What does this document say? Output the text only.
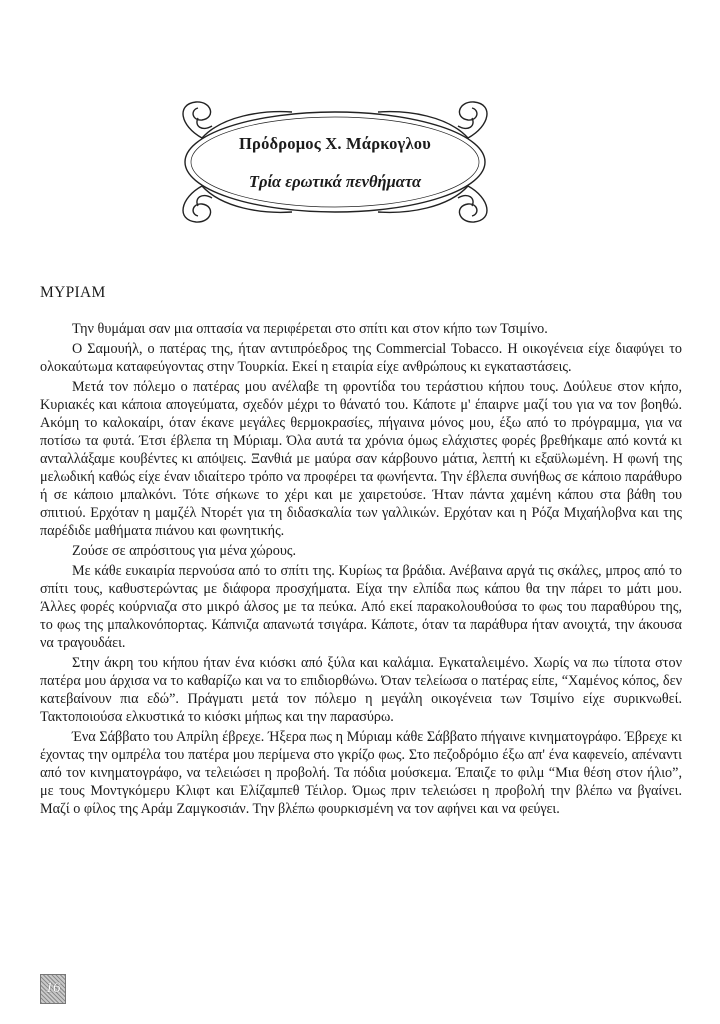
Πρόδρομος Χ. Μάρκογλου
Τρία ερωτικά πενθήματα
ΜΥΡΙΑΜ

Την θυμάμαι σαν μια οπτασία να περιφέρεται στο σπίτι και στον κήπο των Τσιμίνο.

Ο Σαμουήλ, ο πατέρας της, ήταν αντιπρόεδρος της Commercial Tobacco. Η οικογένεια είχε διαφύγει το ολοκαύτωμα καταφεύγοντας στην Τουρκία. Εκεί η εταιρία είχε ανθρώπους κι εγκαταστάσεις.

Μετά τον πόλεμο ο πατέρας μου ανέλαβε τη φροντίδα του τεράστιου κήπου τους. Δούλευε στον κήπο, Κυριακές και κάποια απογεύματα, σχεδόν μέχρι το θάνατό του. Κάποτε μ' έπαιρνε μαζί του για να τον βοηθώ. Ακόμη το καλοκαίρι, όταν έκανε μεγάλες θερμοκρασίες, πήγαινα μόνος μου, έξω από το πρόγραμμα, για να ποτίσω τα φυτά. Έτσι έβλεπα τη Μύριαμ. Όλα αυτά τα χρόνια όμως ελάχιστες φορές βρεθήκαμε από κοντά κι ανταλλάξαμε κουβέντες κι απόψεις. Ξανθιά με μαύρα σαν κάρβουνο μάτια, λεπτή κι εξαϋλωμένη. Η φωνή της μελωδική καθώς είχε έναν ιδιαίτερο τρόπο να προφέρει τα φωνήεντα. Την έβλεπα συνήθως σε κάποιο παράθυρο ή σε κάποιο μπαλκόνι. Τότε σήκωνε το χέρι και με χαιρετούσε. Ήταν πάντα χαμένη κάπου στα βάθη του σπιτιού. Ερχόταν η μαμζέλ Ντορέτ για τη διδασκαλία των γαλλικών. Ερχόταν και η Ρόζα Μιχαήλοβνα και της παρέδιδε μαθήματα πιάνου και φωνητικής.

Ζούσε σε απρόσιτους για μένα χώρους.

Με κάθε ευκαιρία περνούσα από το σπίτι της. Κυρίως τα βράδια. Ανέβαινα αργά τις σκάλες, μπρος από το σπίτι τους, καθυστερώντας με διάφορα προσχήματα. Είχα την ελπίδα πως κάπου θα την πάρει το μάτι μου. Άλλες φορές κούρνιαζα στο μικρό άλσος με τα πεύκα. Από εκεί παρακολουθούσα το φως του παραθύρου της, το φως της μπαλκονόπορτας. Κάπνιζα απανωτά τσιγάρα. Κάποτε, όταν τα παράθυρα ήταν ανοιχτά, την άκουσα να τραγουδάει.

Στην άκρη του κήπου ήταν ένα κιόσκι από ξύλα και καλάμια. Εγκαταλειμένο. Χωρίς να πω τίποτα στον πατέρα μου άρχισα να το καθαρίζω και να το επιδιορθώνω. Όταν τελείωσα ο πατέρας είπε, “Χαμένος κόπος, δεν κατεβαίνουν πια εδώ”. Πράγματι μετά τον πόλεμο η μεγάλη οικογένεια των Τσιμίνο είχε συρικνωθεί. Τακτοποιούσα ελκυστικά το κιόσκι μήπως και την παρασύρω.

Ένα Σάββατο του Απρίλη έβρεχε. Ήξερα πως η Μύριαμ κάθε Σάββατο πήγαινε κινηματογράφο. Έβρεχε κι έχοντας την ομπρέλα του πατέρα μου περίμενα στο γκρίζο φως. Στο πεζοδρόμιο έξω απ' ένα καφενείο, απέναντι από τον κινηματογράφο, να τελειώσει η προβολή. Τα πόδια μούσκεμα. Έπαιζε το φιλμ “Μια θέση στον ήλιο”, με τους Μοντγκόμερυ Κλιφτ και Ελίζαμπεθ Τέιλορ. Όμως πριν τελειώσει η προβολή την βλέπω να βγαίνει. Μαζί ο φίλος της Αράμ Ζαμγκοσιάν. Την βλέπω φουρκισμένη να τον αφήνει και να φεύγει.

16
